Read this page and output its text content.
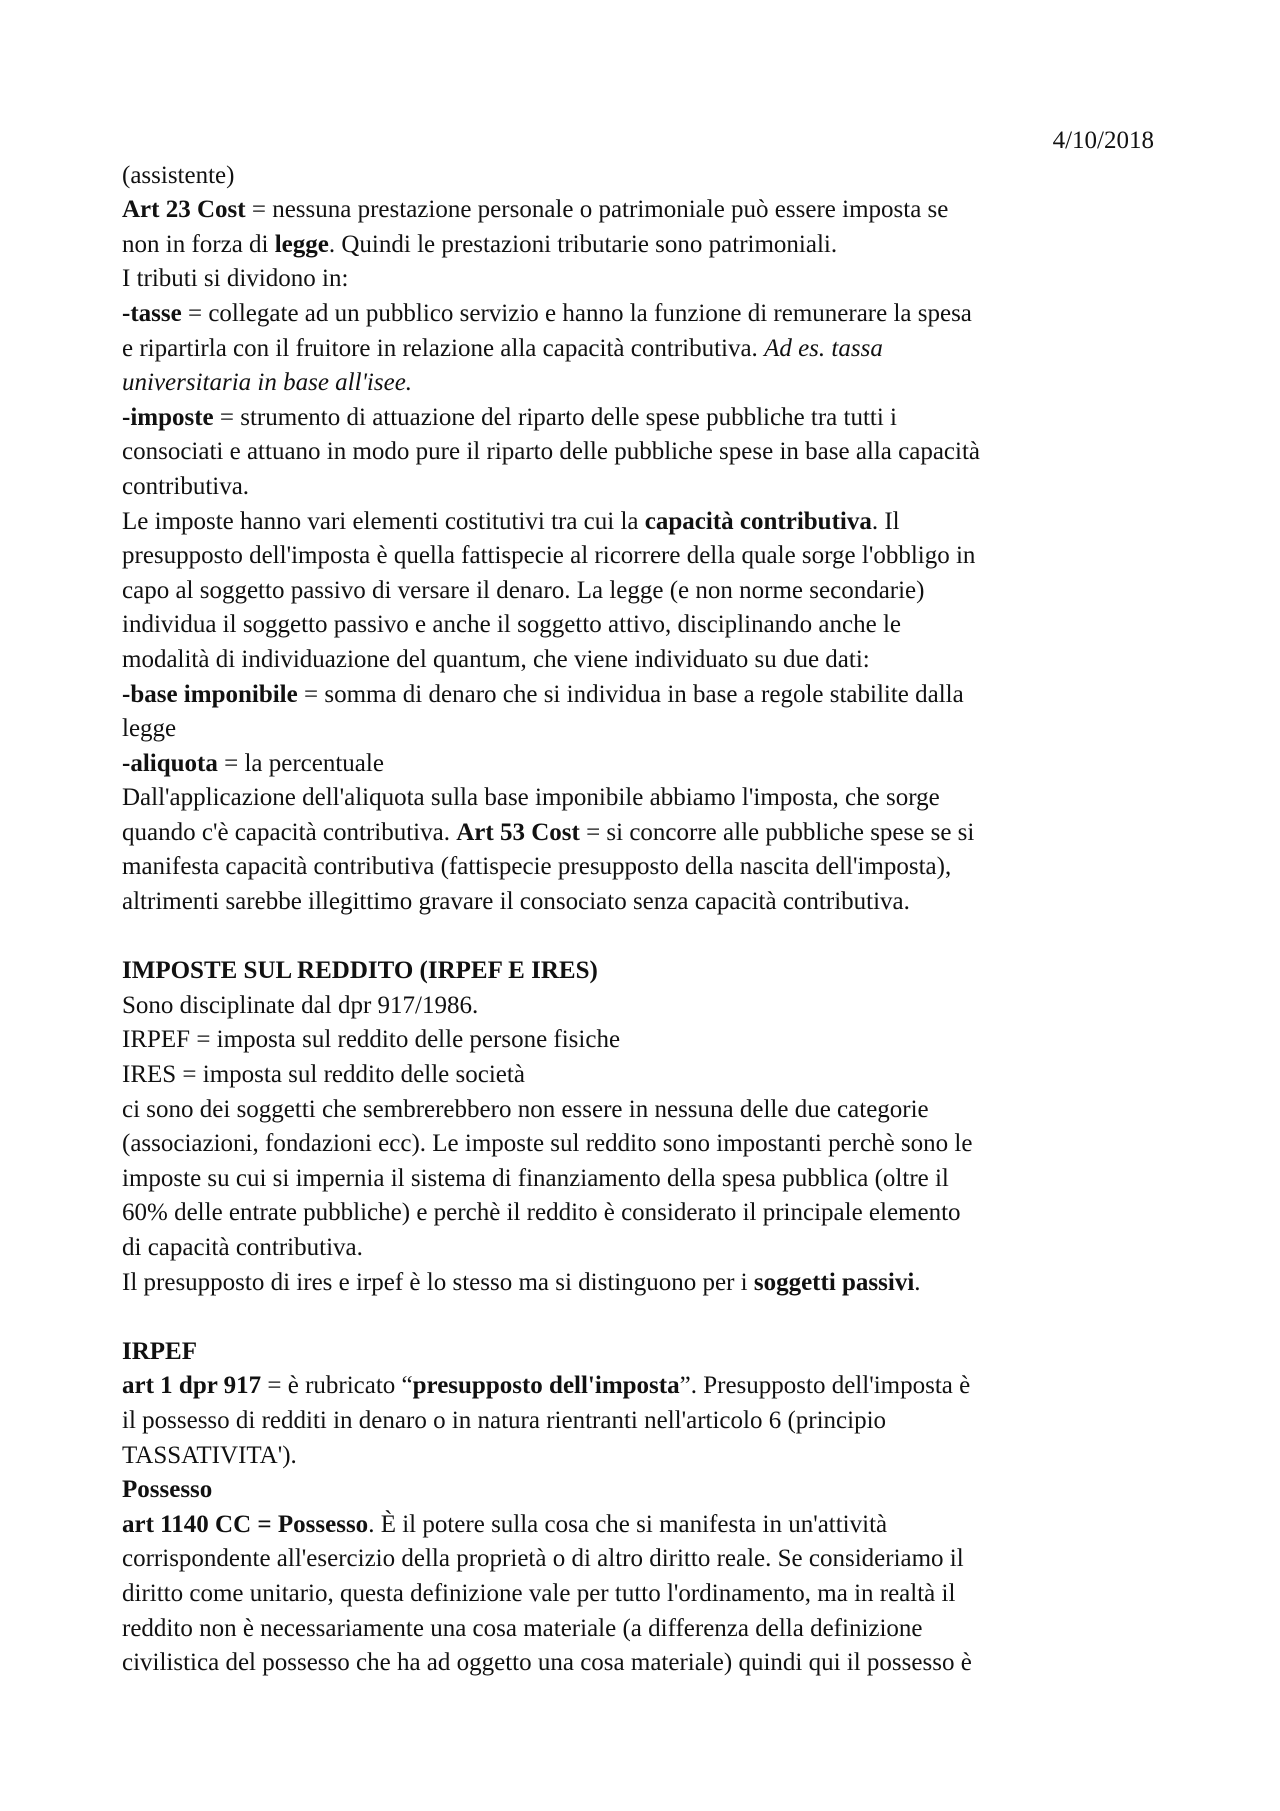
4/10/2018
(assistente)
Art 23 Cost = nessuna prestazione personale o patrimoniale può essere imposta se
non in forza di legge. Quindi le prestazioni tributarie sono patrimoniali.
I tributi si dividono in:
-tasse = collegate ad un pubblico servizio e hanno la funzione di remunerare la spesa
e ripartirla con il fruitore in relazione alla capacità contributiva. Ad es. tassa
universitaria in base all'isee.
-imposte = strumento di attuazione del riparto delle spese pubbliche tra tutti i
consociati e attuano in modo pure il riparto delle pubbliche spese in base alla capacità
contributiva.
Le imposte hanno vari elementi costitutivi tra cui la capacità contributiva. Il
presupposto dell'imposta è quella fattispecie al ricorrere della quale sorge l'obbligo in
capo al soggetto passivo di versare il denaro. La legge (e non norme secondarie)
individua il soggetto passivo e anche il soggetto attivo, disciplinando anche le
modalità di individuazione del quantum, che viene individuato su due dati:
-base imponibile = somma di denaro che si individua in base a regole stabilite dalla
legge
-aliquota = la percentuale
Dall'applicazione dell'aliquota sulla base imponibile abbiamo l'imposta, che sorge
quando c'è capacità contributiva. Art 53 Cost = si concorre alle pubbliche spese se si
manifesta capacità contributiva (fattispecie presupposto della nascita dell'imposta),
altrimenti sarebbe illegittimo gravare il consociato senza capacità contributiva.
IMPOSTE SUL REDDITO (IRPEF E IRES)
Sono disciplinate dal dpr 917/1986.
IRPEF = imposta sul reddito delle persone fisiche
IRES = imposta sul reddito delle società
ci sono dei soggetti che sembrerebbero non essere in nessuna delle due categorie
(associazioni, fondazioni ecc). Le imposte sul reddito sono impostanti perchè sono le
imposte su cui si impernia il sistema di finanziamento della spesa pubblica (oltre il
60% delle entrate pubbliche) e perchè il reddito è considerato il principale elemento
di capacità contributiva.
Il presupposto di ires e irpef è lo stesso ma si distinguono per i soggetti passivi.
IRPEF
art 1 dpr 917 = è rubricato “presupposto dell'imposta”. Presupposto dell'imposta è
il possesso di redditi in denaro o in natura rientranti nell'articolo 6 (principio
TASSATIVITA').
Possesso
art 1140 CC = Possesso. È il potere sulla cosa che si manifesta in un'attività
corrispondente all'esercizio della proprietà o di altro diritto reale. Se consideriamo il
diritto come unitario, questa definizione vale per tutto l'ordinamento, ma in realtà il
reddito non è necessariamente una cosa materiale (a differenza della definizione
civilistica del possesso che ha ad oggetto una cosa materiale) quindi qui il possesso è
